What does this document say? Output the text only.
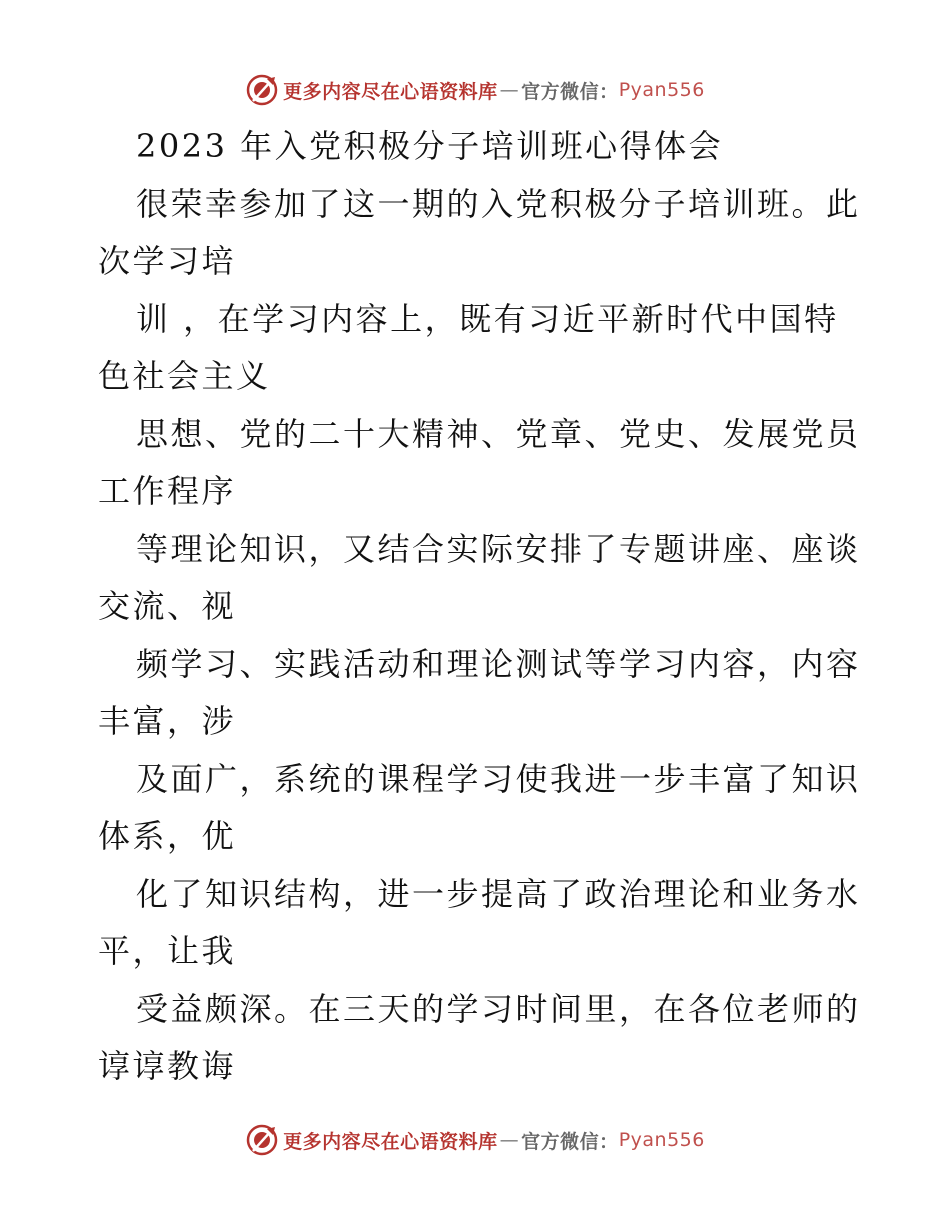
更多内容尽在心语资料库 — 官方微信： Pyan556

2023 年入党积极分子培训班心得体会

很荣幸参加了这一期的入党积极分子培训班。此

次学习培

训 ，在学习内容上，既有习近平新时代中国特

色社会主义

思想、党的二十大精神、党章、党史、发展党员

工作程序

等理论知识，又结合实际安排了专题讲座、座谈

交流、视

频学习、实践活动和理论测试等学习内容，内容

丰富，涉

及面广，系统的课程学习使我进一步丰富了知识

体系，优

化了知识结构，进一步提高了政治理论和业务水

平，让我

受益颇深。在三天的学习时间里，在各位老师的

谆谆教诲

更多内容尽在心语资料库 — 官方微信： Pyan556
